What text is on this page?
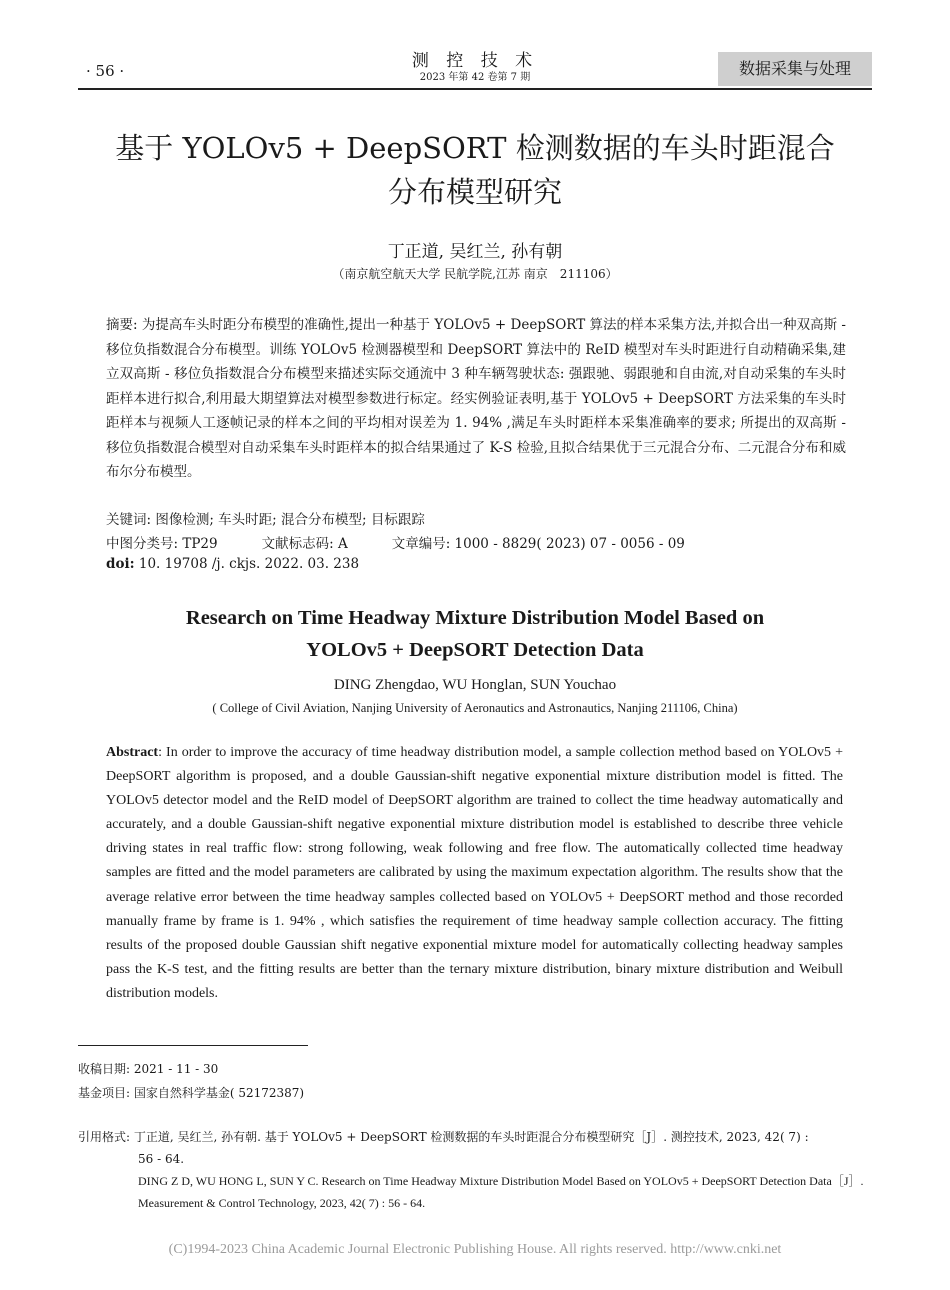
· 56 ·	测 控 技 术
2023 年第 42 卷第 7 期	数据采集与处理
基于 YOLOv5 + DeepSORT 检测数据的车头时距混合
分布模型研究
丁正道, 吴红兰, 孙有朝
（南京航空航天大学 民航学院,江苏 南京　211106）
摘要: 为提高车头时距分布模型的准确性,提出一种基于 YOLOv5 + DeepSORT 算法的样本采集方法,并拟合出一种双高斯 - 移位负指数混合分布模型。训练 YOLOv5 检测器模型和 DeepSORT 算法中的 ReID 模型对车头时距进行自动精确采集,建立双高斯 - 移位负指数混合分布模型来描述实际交通流中 3 种车辆驾驶状态: 强跟驰、弱跟驰和自由流,对自动采集的车头时距样本进行拟合,利用最大期望算法对模型参数进行标定。经实例验证表明,基于 YOLOv5 + DeepSORT 方法采集的车头时距样本与视频人工逐帧记录的样本之间的平均相对误差为 1. 94% ,满足车头时距样本采集准确率的要求; 所提出的双高斯 - 移位负指数混合模型对自动采集车头时距样本的拟合结果通过了 K-S 检验,且拟合结果优于三元混合分布、二元混合分布和威布尔分布模型。
关键词: 图像检测; 车头时距; 混合分布模型; 目标跟踪
中图分类号: TP29	文献标志码: A	文章编号: 1000 - 8829( 2023) 07 - 0056 - 09
doi: 10. 19708 /j. ckjs. 2022. 03. 238
Research on Time Headway Mixture Distribution Model Based on
YOLOv5 + DeepSORT Detection Data
DING Zhengdao, WU Honglan, SUN Youchao
( College of Civil Aviation, Nanjing University of Aeronautics and Astronautics, Nanjing 211106, China)
Abstract: In order to improve the accuracy of time headway distribution model, a sample collection method based on YOLOv5 + DeepSORT algorithm is proposed, and a double Gaussian-shift negative exponential mixture distribution model is fitted. The YOLOv5 detector model and the ReID model of DeepSORT algorithm are trained to collect the time headway automatically and accurately, and a double Gaussian-shift negative exponential mixture distribution model is established to describe three vehicle driving states in real traffic flow: strong following, weak following and free flow. The automatically collected time headway samples are fitted and the model parameters are calibrated by using the maximum expectation algorithm. The results show that the average relative error between the time headway samples collected based on YOLOv5 + DeepSORT method and those recorded manually frame by frame is 1. 94% , which satisfies the requirement of time headway sample collection accuracy. The fitting results of the proposed double Gaussian shift negative exponential mixture model for automatically collecting headway samples pass the K-S test, and the fitting results are better than the ternary mixture distribution, binary mixture distribution and Weibull distribution models.
收稿日期: 2021 - 11 - 30
基金项目: 国家自然科学基金( 52172387)
引用格式: 丁正道, 吴红兰, 孙有朝. 基于 YOLOv5 + DeepSORT 检测数据的车头时距混合分布模型研究［J］. 测控技术, 2023, 42( 7) :
56 - 64.
DING Z D, WU HONG L, SUN Y C. Research on Time Headway Mixture Distribution Model Based on YOLOv5 + DeepSORT Detection Data［J］. Measurement & Control Technology, 2023, 42( 7) : 56 - 64.
(C)1994-2023 China Academic Journal Electronic Publishing House. All rights reserved. http://www.cnki.net
